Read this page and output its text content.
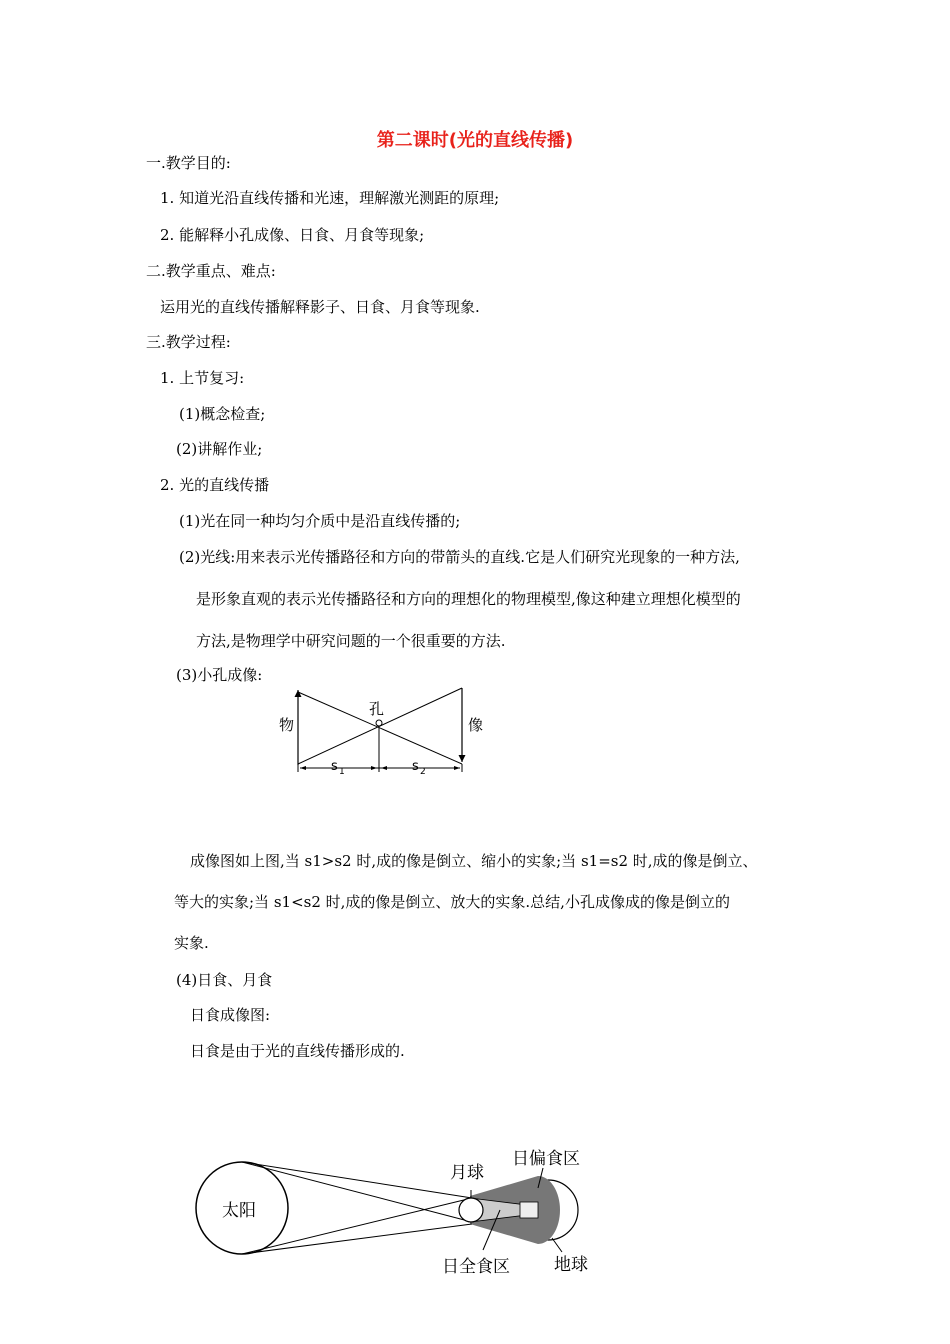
第二课时(光的直线传播)
一.教学目的:
1. 知道光沿直线传播和光速，理解激光测距的原理;
2. 能解释小孔成像、日食、月食等现象;
二.教学重点、难点:
运用光的直线传播解释影子、日食、月食等现象.
三.教学过程:
1. 上节复习:
(1)概念检查;
(2)讲解作业;
2. 光的直线传播
(1)光在同一种均匀介质中是沿直线传播的;
(2)光线:用来表示光传播路径和方向的带箭头的直线.它是人们研究光现象的一种方法,
是形象直观的表示光传播路径和方向的理想化的物理模型,像这种建立理想化模型的
方法,是物理学中研究问题的一个很重要的方法.
(3)小孔成像:
物
孔
像
s 1	s 2
成像图如上图,当 s1>s2 时,成的像是倒立、缩小的实象;当 s1=s2 时,成的像是倒立、
等大的实象;当 s1<s2 时,成的像是倒立、放大的实象.总结,小孔成像成的像是倒立的
实象.
(4)日食、月食
日食成像图:
日食是由于光的直线传播形成的.
太阳
月球
日偏食区
日全食区	地球
